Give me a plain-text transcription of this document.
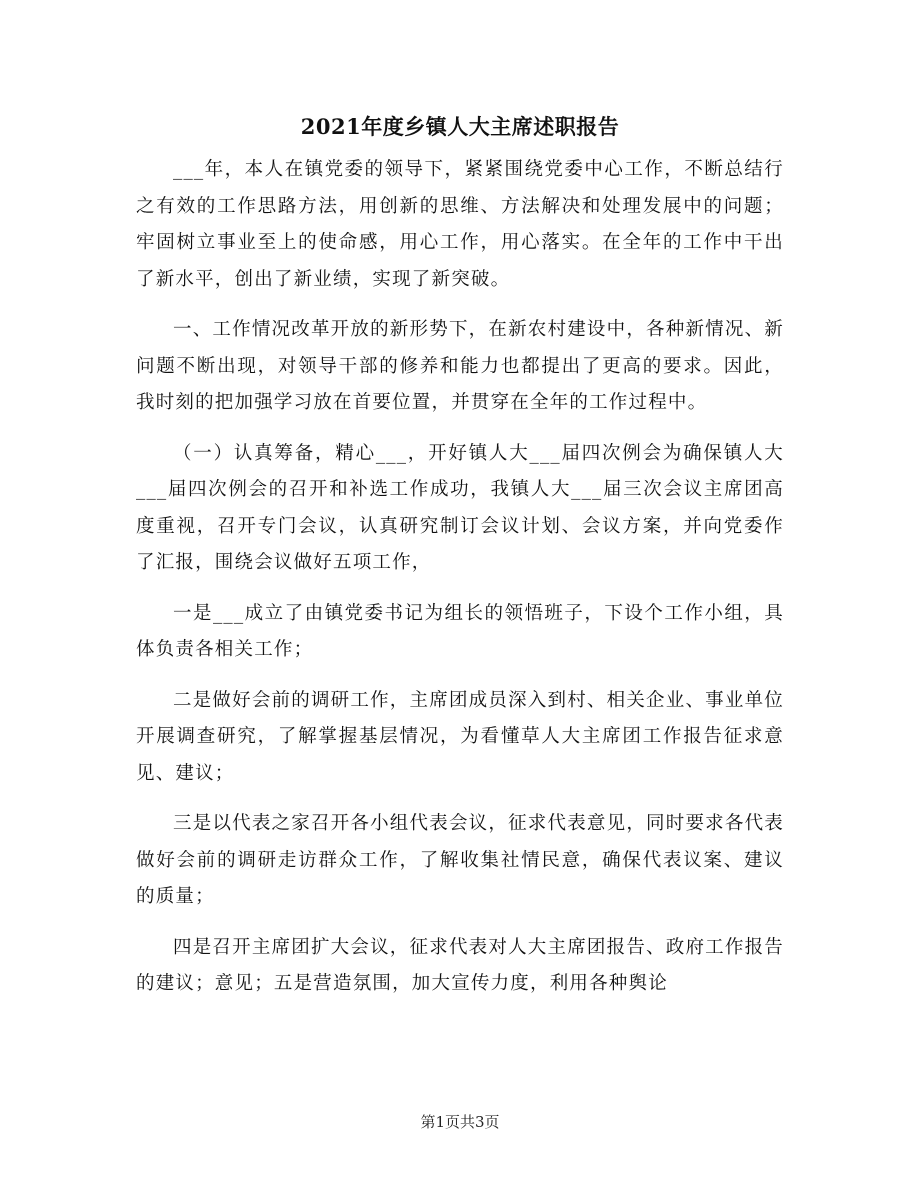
2021年度乡镇人大主席述职报告

___年，本人在镇党委的领导下，紧紧围绕党委中心工作，不断总结行之有效的工作思路方法，用创新的思维、方法解决和处理发展中的问题；牢固树立事业至上的使命感，用心工作，用心落实。在全年的工作中干出了新水平，创出了新业绩，实现了新突破。

一、工作情况改革开放的新形势下，在新农村建设中，各种新情况、新问题不断出现，对领导干部的修养和能力也都提出了更高的要求。因此，我时刻的把加强学习放在首要位置，并贯穿在全年的工作过程中。

（一）认真筹备，精心___，开好镇人大___届四次例会为确保镇人大___届四次例会的召开和补选工作成功，我镇人大___届三次会议主席团高度重视，召开专门会议，认真研究制订会议计划、会议方案，并向党委作了汇报，围绕会议做好五项工作，

一是___成立了由镇党委书记为组长的领悟班子，下设个工作小组，具体负责各相关工作；

二是做好会前的调研工作，主席团成员深入到村、相关企业、事业单位开展调查研究，了解掌握基层情况，为看懂草人大主席团工作报告征求意见、建议；

三是以代表之家召开各小组代表会议，征求代表意见，同时要求各代表做好会前的调研走访群众工作，了解收集社情民意，确保代表议案、建议的质量；

四是召开主席团扩大会议，征求代表对人大主席团报告、政府工作报告的建议；意见；五是营造氛围，加大宣传力度，利用各种舆论

第1页共3页
